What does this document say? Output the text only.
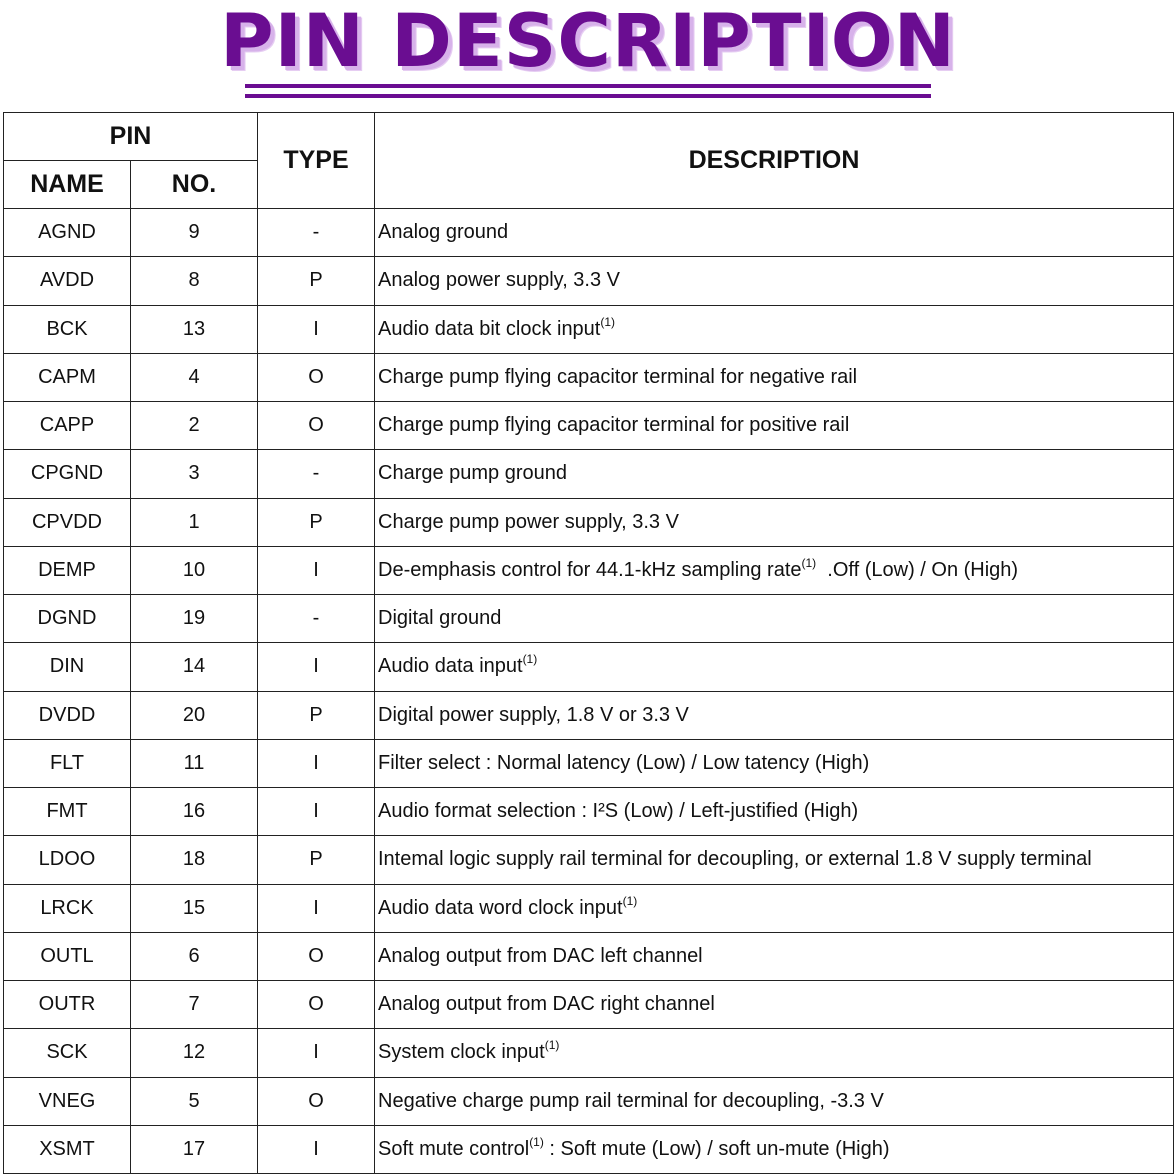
PIN DESCRIPTION
PIN		TYPE	DESCRIPTION
NAME	NO.		
AGND	9	-	Analog ground
AVDD	8	P	Analog power supply, 3.3 V
BCK	13	I	Audio data bit clock input$^{(1)}$
CAPM	4	O	Charge pump flying capacitor terminal for negative rail
CAPP	2	O	Charge pump flying capacitor terminal for positive rail
CPGND	3	-	Charge pump ground
CPVDD	1	P	Charge pump power supply, 3.3 V
DEMP	10	I	De-emphasis control for 44.1-kHz sampling rate$^{(1)}$  .Off (Low) / On (High)
DGND	19	-	Digital ground
DIN	14	I	Audio data input$^{(1)}$
DVDD	20	P	Digital power supply, 1.8 V or 3.3 V
FLT	11	I	Filter select : Normal latency (Low) / Low tatency (High)
FMT	16	I	Audio format selection : I²S (Low) / Left-justified (High)
LDOO	18	P	Intemal logic supply rail terminal for decoupling, or external 1.8 V supply terminal
LRCK	15	I	Audio data word clock input$^{(1)}$
OUTL	6	O	Analog output from DAC left channel
OUTR	7	O	Analog output from DAC right channel
SCK	12	I	System clock input$^{(1)}$
VNEG	5	O	Negative charge pump rail terminal for decoupling, -3.3 V
XSMT	17	I	Soft mute control$^{(1)}$ : Soft mute (Low) / soft un-mute (High)
